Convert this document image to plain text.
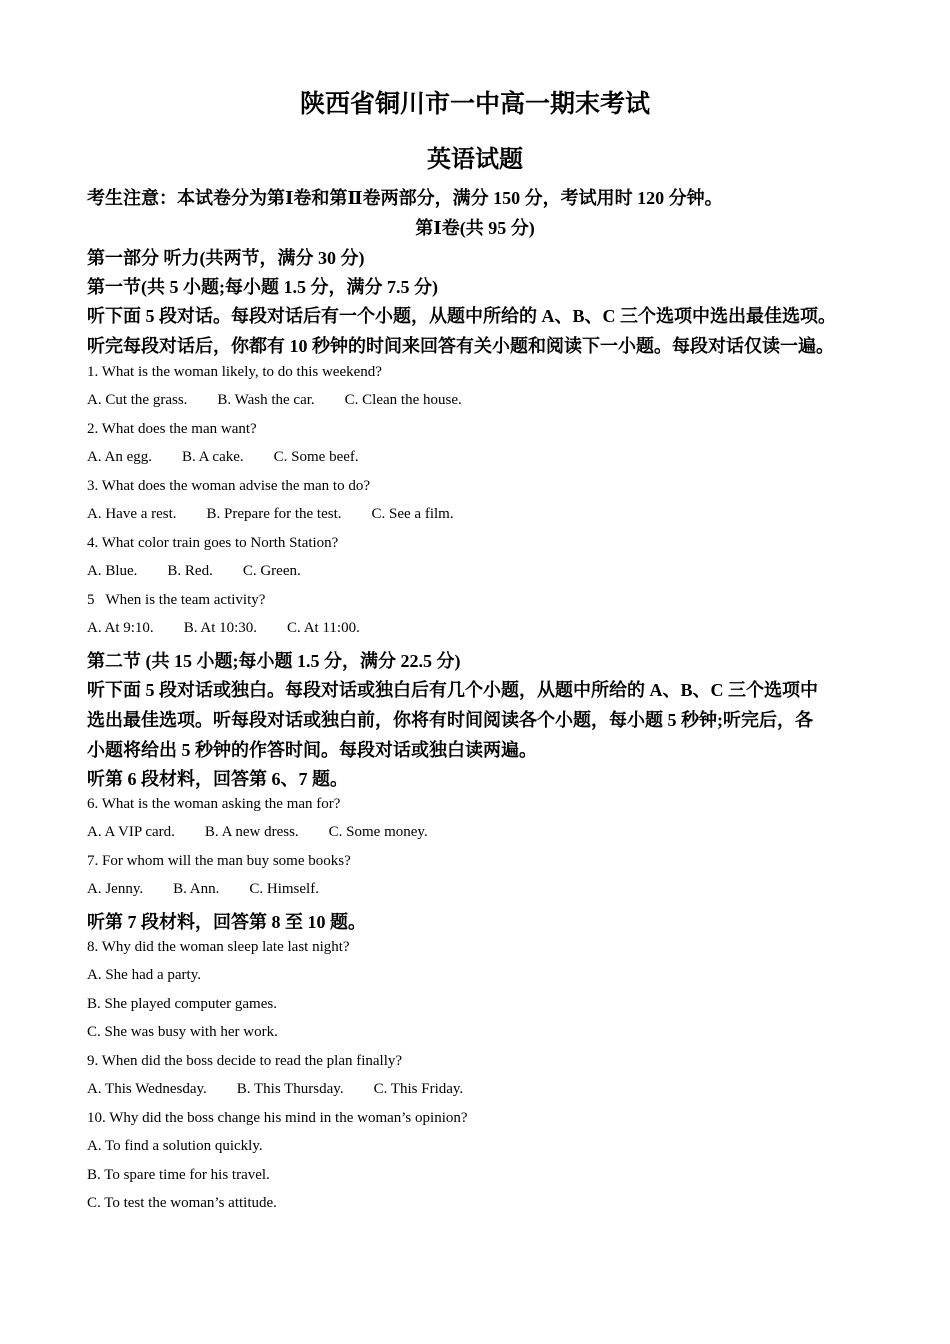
陕西省铜川市一中高一期末考试
英语试题
考生注意：本试卷分为第Ⅰ卷和第Ⅱ卷两部分，满分 150 分，考试用时 120 分钟。
第Ⅰ卷(共 95 分)
第一部分 听力(共两节，满分 30 分)
第一节(共 5 小题;每小题 1.5 分，满分 7.5 分)
听下面 5 段对话。每段对话后有一个小题，从题中所给的 A、B、C 三个选项中选出最佳选项。
听完每段对话后，你都有 10 秒钟的时间来回答有关小题和阅读下一小题。每段对话仅读一遍。
1. What is the woman likely, to do this weekend?
A. Cut the grass. B. Wash the car. C. Clean the house.
2. What does the man want?
A. An egg. B. A cake. C. Some beef.
3. What does the woman advise the man to do?
A. Have a rest. B. Prepare for the test. C. See a film.
4. What color train goes to North Station?
A. Blue. B. Red. C. Green.
5   When is the team activity?
A. At 9:10. B. At 10:30. C. At 11:00.
第二节 (共 15 小题;每小题 1.5 分，满分 22.5 分)
听下面 5 段对话或独白。每段对话或独白后有几个小题，从题中所给的 A、B、C 三个选项中
选出最佳选项。听每段对话或独白前，你将有时间阅读各个小题，每小题 5 秒钟;听完后，各
小题将给出 5 秒钟的作答时间。每段对话或独白读两遍。
听第 6 段材料，回答第 6、7 题。
6. What is the woman asking the man for?
A. A VIP card. B. A new dress. C. Some money.
7. For whom will the man buy some books?
A. Jenny. B. Ann. C. Himself.
听第 7 段材料，回答第 8 至 10 题。
8. Why did the woman sleep late last night?
A. She had a party.
B. She played computer games.
C. She was busy with her work.
9. When did the boss decide to read the plan finally?
A. This Wednesday. B. This Thursday. C. This Friday.
10. Why did the boss change his mind in the woman’s opinion?
A. To find a solution quickly.
B. To spare time for his travel.
C. To test the woman’s attitude.
